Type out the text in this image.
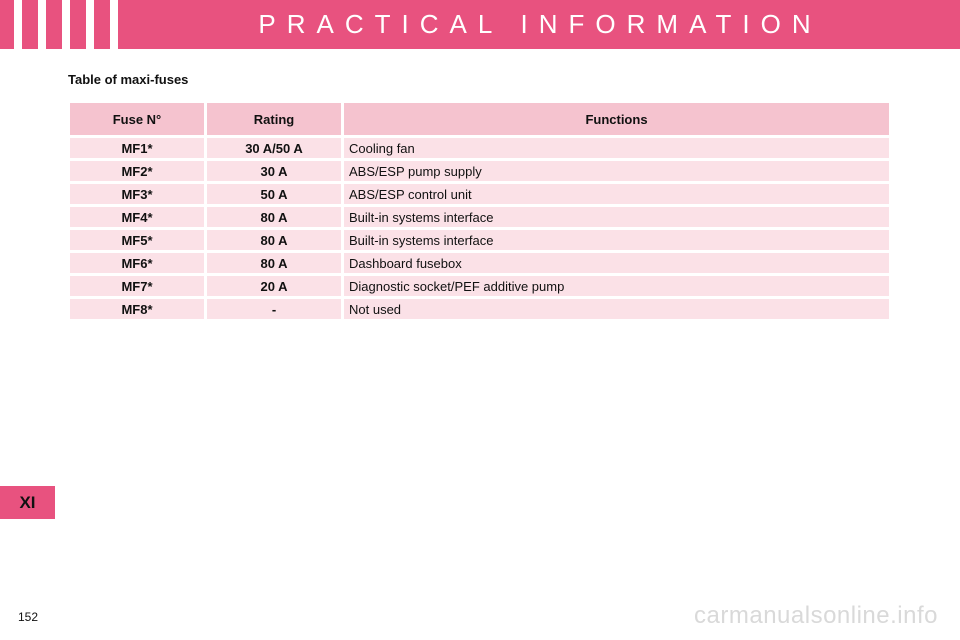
PRACTICAL INFORMATION
Table of maxi-fuses
Fuse N°	Rating	Functions
MF1*	30 A/50 A	Cooling fan
MF2*	30 A	ABS/ESP pump supply
MF3*	50 A	ABS/ESP control unit
MF4*	80 A	Built-in systems interface
MF5*	80 A	Built-in systems interface
MF6*	80 A	Dashboard fusebox
MF7*	20 A	Diagnostic socket/PEF additive pump
MF8*	-	Not used
XI
152	carmanualsonline.info
